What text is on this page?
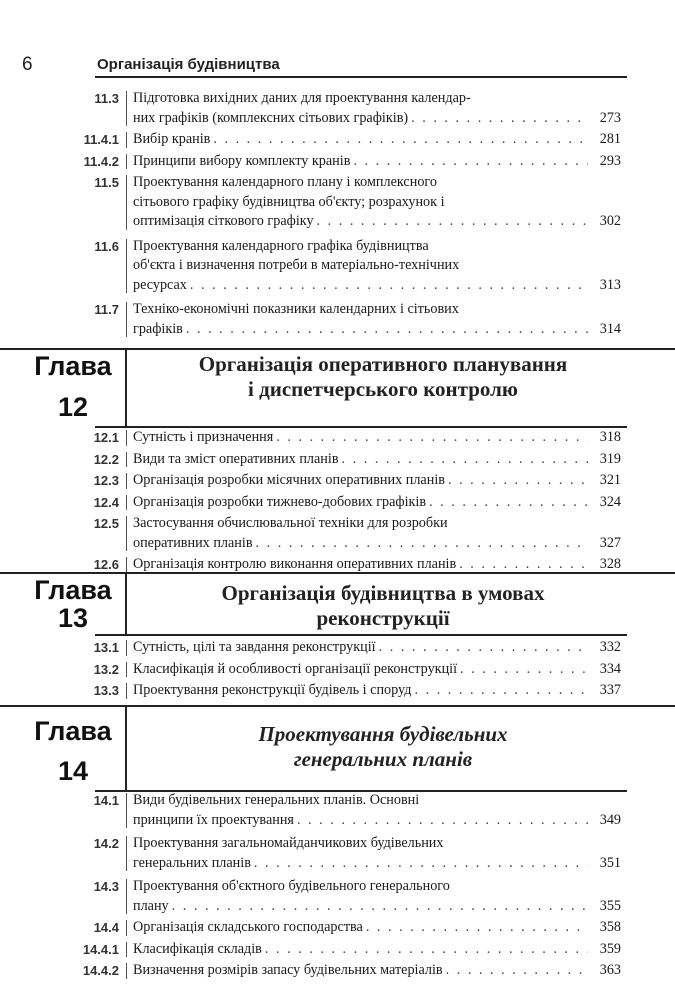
6	Організація будівництва
11.3 Підготовка вихідних даних для проектування календар-
них графіків (комплексних сітьових графіків) . . .	273
11.4.1 Вибір кранів . . .	281
11.4.2 Принципи вибору комплекту кранів . . .	293
11.5 Проектування календарного плану і комплексного
сітьового графіку будівництва об'єкту; розрахунок і
оптимізація сіткового графіку . . .	302
11.6 Проектування календарного графіка будівництва
об'єкта і визначення потреби в матеріально-технічних
ресурсах . . .	313
11.7 Техніко-економічні показники календарних і сітьових
графіків . . .	314
Глава
12
Організація оперативного планування
і диспетчерського контролю
12.1 Сутність і призначення . . .	318
12.2 Види та зміст оперативних планів . . .	319
12.3 Організація розробки місячних оперативних планів . . .	321
12.4 Організація розробки тижнево-добових графіків . . .	324
12.5 Застосування обчислювальної техніки для розробки
оперативних планів . . .	327
12.6 Організація контролю виконання оперативних планів . . .	328
Глава
13
Організація будівництва в умовах
реконструкції
13.1 Сутність, цілі та завдання реконструкції . . .	332
13.2 Класифікація й особливості організації реконструкції . . .	334
13.3 Проектування реконструкції будівель і споруд . . .	337
Глава
14
Проектування будівельних
генеральних планів
14.1 Види будівельних генеральних планів. Основні
принципи їх проектування . . .	349
14.2 Проектування загальномайданчикових будівельних
генеральних планів . . .	351
14.3 Проектування об'єктного будівельного генерального
плану . . .	355
14.4 Організація складського господарства . . .	358
14.4.1 Класифікація складів . . .	359
14.4.2 Визначення розмірів запасу будівельних матеріалів . . .	363
